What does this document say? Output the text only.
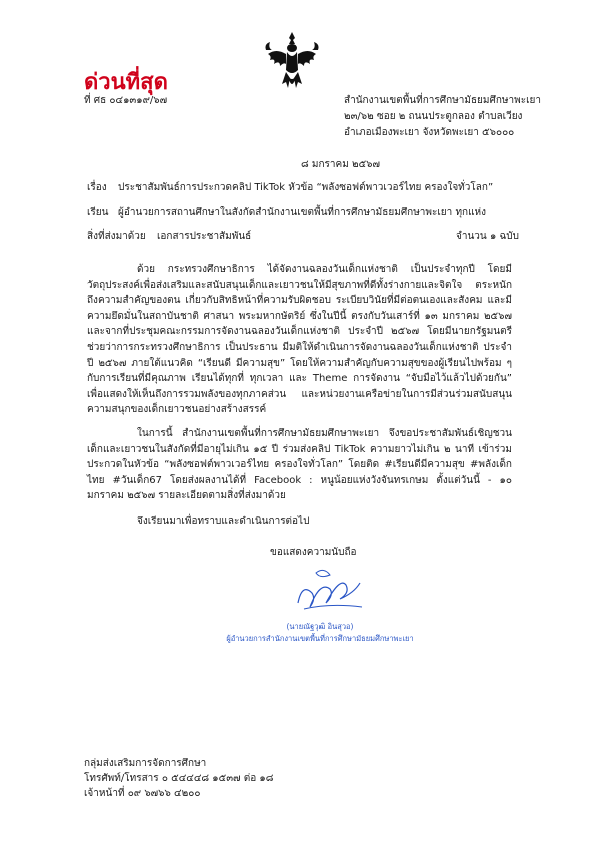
ด่วนที่สุด
ที่ ศธ ๐๔๑๓๑๙/๖๗	สำนักงานเขตพื้นที่การศึกษามัธยมศึกษาพะเยา
๒๓/๖๒ ซอย ๒ ถนนประตูกลอง ตำบลเวียง
อำเภอเมืองพะเยา จังหวัดพะเยา ๕๖๐๐๐
๘ มกราคม ๒๕๖๗
เรื่อง ประชาสัมพันธ์การประกวดคลิป TikTok หัวข้อ “พลังซอฟต์พาวเวอร์ไทย ครองใจทั่วโลก”
เรียน ผู้อำนวยการสถานศึกษาในสังกัดสำนักงานเขตพื้นที่การศึกษามัธยมศึกษาพะเยา ทุกแห่ง
สิ่งที่ส่งมาด้วย เอกสารประชาสัมพันธ์	จำนวน ๑ ฉบับ
ด้วย กระทรวงศึกษาธิการ ได้จัดงานฉลองวันเด็กแห่งชาติ เป็นประจำทุกปี โดยมีวัตถุประสงค์เพื่อส่งเสริมและสนับสนุนเด็กและเยาวชนให้มีสุขภาพที่ดีทั้งร่างกายและจิตใจ ตระหนักถึงความสำคัญของตน เกี่ยวกับสิทธิหน้าที่ความรับผิดชอบ ระเบียบวินัยที่มีต่อตนเองและสังคม และมีความยึดมั่นในสถาบันชาติ ศาสนา พระมหากษัตริย์ ซึ่งในปีนี้ ตรงกับวันเสาร์ที่ ๑๓ มกราคม ๒๕๖๗ และจากที่ประชุมคณะกรรมการจัดงานฉลองวันเด็กแห่งชาติ ประจำปี ๒๕๖๗ โดยมีนายกรัฐมนตรีช่วยว่าการกระทรวงศึกษาธิการ เป็นประธาน มีมติให้ดำเนินการจัดงานฉลองวันเด็กแห่งชาติ ประจำปี ๒๕๖๗ ภายใต้แนวคิด “เรียนดี มีความสุข” โดยให้ความสำคัญกับความสุขของผู้เรียนไปพร้อม ๆ กับการเรียนที่มีคุณภาพ เรียนได้ทุกที่ ทุกเวลา และ Theme การจัดงาน “จับมือไว้แล้วไปด้วยกัน” เพื่อแสดงให้เห็นถึงการรวมพลังของทุกภาคส่วน และหน่วยงานเครือข่ายในการมีส่วนร่วมสนับสนุนความสนุกของเด็กเยาวชนอย่างสร้างสรรค์
ในการนี้ สำนักงานเขตพื้นที่การศึกษามัธยมศึกษาพะเยา จึงขอประชาสัมพันธ์เชิญชวนเด็กและเยาวชนในสังกัดที่มีอายุไม่เกิน ๑๕ ปี ร่วมส่งคลิป TikTok ความยาวไม่เกิน ๒ นาที เข้าร่วมประกวดในหัวข้อ “พลังซอฟต์พาวเวอร์ไทย ครองใจทั่วโลก” โดยติด #เรียนดีมีความสุข #พลังเด็กไทย #วันเด็ก67 โดยส่งผลงานได้ที่ Facebook : หนูน้อยแห่งวังจันทรเกษม ตั้งแต่วันนี้ - ๑๐ มกราคม ๒๕๖๗ รายละเอียดตามสิ่งที่ส่งมาด้วย
จึงเรียนมาเพื่อทราบและดำเนินการต่อไป
ขอแสดงความนับถือ
(นายณัฐวุฒิ อินสุวอ)
ผู้อำนวยการสำนักงานเขตพื้นที่การศึกษามัธยมศึกษาพะเยา
กลุ่มส่งเสริมการจัดการศึกษา
โทรศัพท์/โทรสาร ๐ ๕๔๔๔๘ ๑๕๓๗ ต่อ ๑๘
เจ้าหน้าที่ ๐๙ ๖๗๖๖ ๔๒๐๐
